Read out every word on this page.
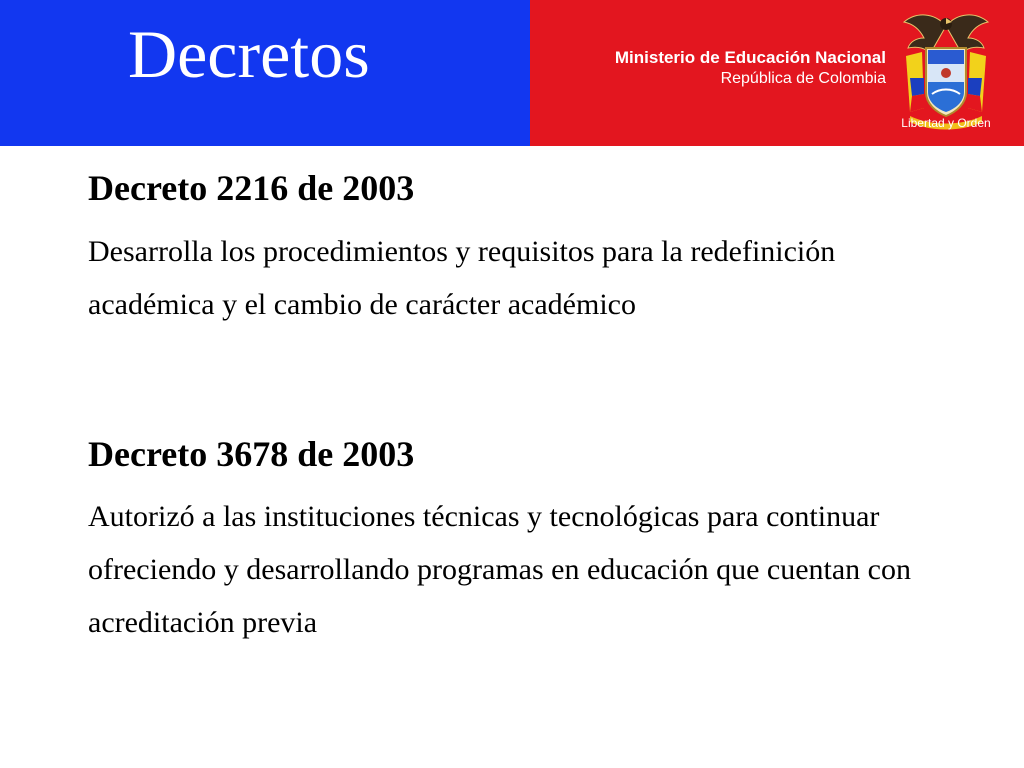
Decretos	Ministerio de Educación Nacional
República de Colombia
Libertad y Orden
Decreto 2216 de 2003
Desarrolla los procedimientos y requisitos para la redefinición académica y el cambio de carácter académico
Decreto 3678 de 2003
Autorizó a las instituciones técnicas y tecnológicas para continuar ofreciendo y desarrollando programas en educación que cuentan con acreditación previa
